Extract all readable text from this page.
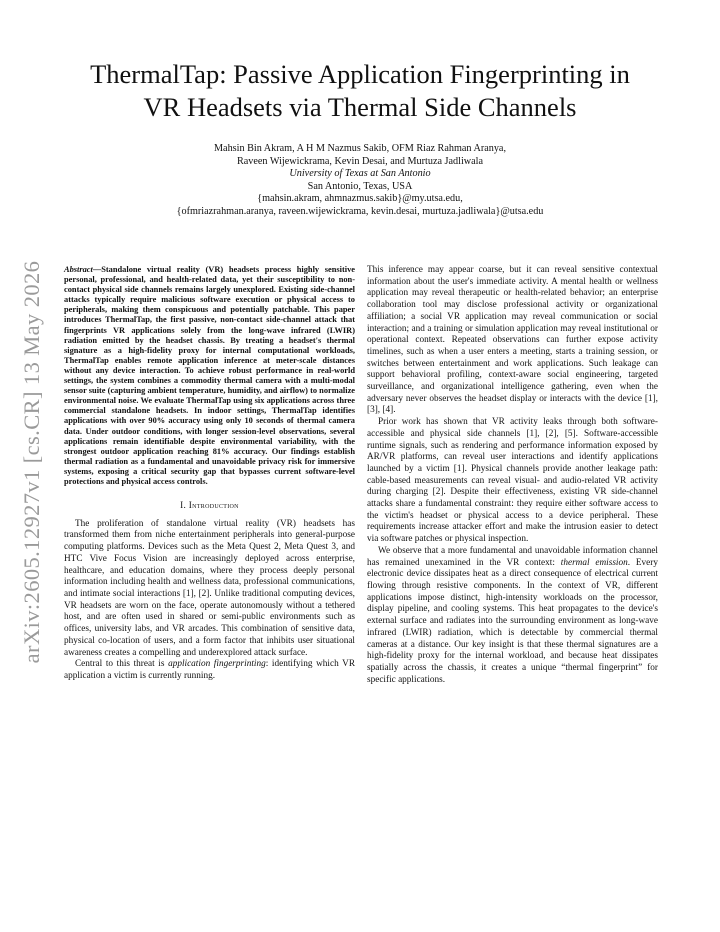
arXiv:2605.12927v1 [cs.CR] 13 May 2026
ThermalTap: Passive Application Fingerprinting in
VR Headsets via Thermal Side Channels
Mahsin Bin Akram, A H M Nazmus Sakib, OFM Riaz Rahman Aranya,
Raveen Wijewickrama, Kevin Desai, and Murtuza Jadliwala
University of Texas at San Antonio
San Antonio, Texas, USA
{mahsin.akram, ahmnazmus.sakib}@my.utsa.edu,
{ofmriazrahman.aranya, raveen.wijewickrama, kevin.desai, murtuza.jadliwala}@utsa.edu

Abstract—Standalone virtual reality (VR) headsets process highly sensitive personal, professional, and health-related data, yet their susceptibility to non-contact physical side channels remains largely unexplored. Existing side-channel attacks typically require malicious software execution or physical access to peripherals, making them conspicuous and potentially patchable. This paper introduces ThermalTap, the first passive, non-contact side-channel attack that fingerprints VR applications solely from the long-wave infrared (LWIR) radiation emitted by the headset chassis. By treating a headset's thermal signature as a high-fidelity proxy for internal computational workloads, ThermalTap enables remote application inference at meter-scale distances without any device interaction. To achieve robust performance in real-world settings, the system combines a commodity thermal camera with a multi-modal sensor suite (capturing ambient temperature, humidity, and airflow) to normalize environmental noise. We evaluate ThermalTap using six applications across three commercial standalone headsets. In indoor settings, ThermalTap identifies applications with over 90% accuracy using only 10 seconds of thermal camera data. Under outdoor conditions, with longer session-level observations, several applications remain identifiable despite environmental variability, with the strongest outdoor application reaching 81% accuracy. Our findings establish thermal radiation as a fundamental and unavoidable privacy risk for immersive systems, exposing a critical security gap that bypasses current software-level protections and physical access controls.

I. Introduction

The proliferation of standalone virtual reality (VR) headsets has transformed them from niche entertainment peripherals into general-purpose computing platforms. Devices such as the Meta Quest 2, Meta Quest 3, and HTC Vive Focus Vision are increasingly deployed across enterprise, healthcare, and education domains, where they process deeply personal information including health and wellness data, professional communications, and intimate social interactions [1], [2]. Unlike traditional computing devices, VR headsets are worn on the face, operate autonomously without a tethered host, and are often used in shared or semi-public environments such as offices, university labs, and VR arcades. This combination of sensitive data, physical co-location of users, and a form factor that inhibits user situational awareness creates a compelling and underexplored attack surface.

Central to this threat is application fingerprinting: identifying which VR application a victim is currently running.

This inference may appear coarse, but it can reveal sensitive contextual information about the user's immediate activity. A mental health or wellness application may reveal therapeutic or health-related behavior; an enterprise collaboration tool may disclose professional activity or organizational affiliation; a social VR application may reveal communication or social interaction; and a training or simulation application may reveal institutional or operational context. Repeated observations can further expose activity timelines, such as when a user enters a meeting, starts a training session, or switches between entertainment and work applications. Such leakage can support behavioral profiling, context-aware social engineering, targeted surveillance, and organizational intelligence gathering, even when the adversary never observes the headset display or interacts with the device [1], [3], [4].

Prior work has shown that VR activity leaks through both software-accessible and physical side channels [1], [2], [5]. Software-accessible runtime signals, such as rendering and performance information exposed by AR/VR platforms, can reveal user interactions and identify applications launched by a victim [1]. Physical channels provide another leakage path: cable-based measurements can reveal visual- and audio-related VR activity during charging [2]. Despite their effectiveness, existing VR side-channel attacks share a fundamental constraint: they require either software access to the victim's headset or physical access to a device peripheral. These requirements increase attacker effort and make the intrusion easier to detect via software patches or physical inspection.

We observe that a more fundamental and unavoidable information channel has remained unexamined in the VR context: thermal emission. Every electronic device dissipates heat as a direct consequence of electrical current flowing through resistive components. In the context of VR, different applications impose distinct, high-intensity workloads on the processor, display pipeline, and cooling systems. This heat propagates to the device's external surface and radiates into the surrounding environment as long-wave infrared (LWIR) radiation, which is detectable by commercial thermal cameras at a distance. Our key insight is that these thermal signatures are a high-fidelity proxy for the internal workload, and because heat dissipates spatially across the chassis, it creates a unique “thermal fingerprint” for specific applications.
